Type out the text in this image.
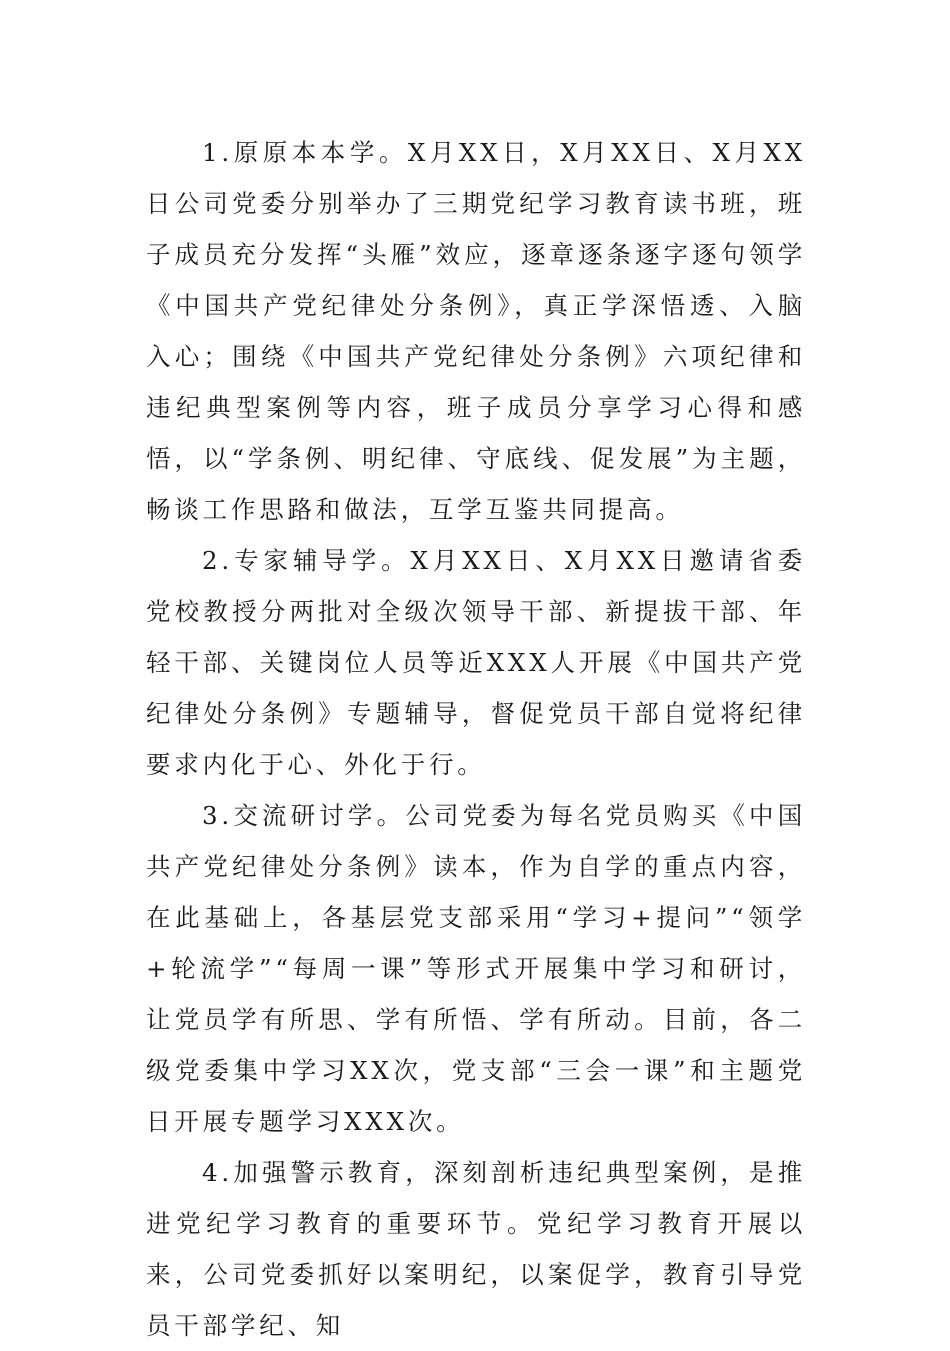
1.原原本本学。X月XX日，X月XX日、X月XX日公司党委分别举办了三期党纪学习教育读书班，班子成员充分发挥“头雁”效应，逐章逐条逐字逐句领学《中国共产党纪律处分条例》，真正学深悟透、入脑入心；围绕《中国共产党纪律处分条例》六项纪律和违纪典型案例等内容，班子成员分享学习心得和感悟，以“学条例、明纪律、守底线、促发展”为主题，畅谈工作思路和做法，互学互鉴共同提高。

2.专家辅导学。X月XX日、X月XX日邀请省委党校教授分两批对全级次领导干部、新提拔干部、年轻干部、关键岗位人员等近XXX人开展《中国共产党纪律处分条例》专题辅导，督促党员干部自觉将纪律要求内化于心、外化于行。

3.交流研讨学。公司党委为每名党员购买《中国共产党纪律处分条例》读本，作为自学的重点内容，在此基础上，各基层党支部采用“学习+提问”“领学+轮流学”“每周一课”等形式开展集中学习和研讨，让党员学有所思、学有所悟、学有所动。目前，各二级党委集中学习XX次，党支部“三会一课”和主题党日开展专题学习XXX次。

4.加强警示教育，深刻剖析违纪典型案例，是推进党纪学习教育的重要环节。党纪学习教育开展以来，公司党委抓好以案明纪，以案促学，教育引导党员干部学纪、知
